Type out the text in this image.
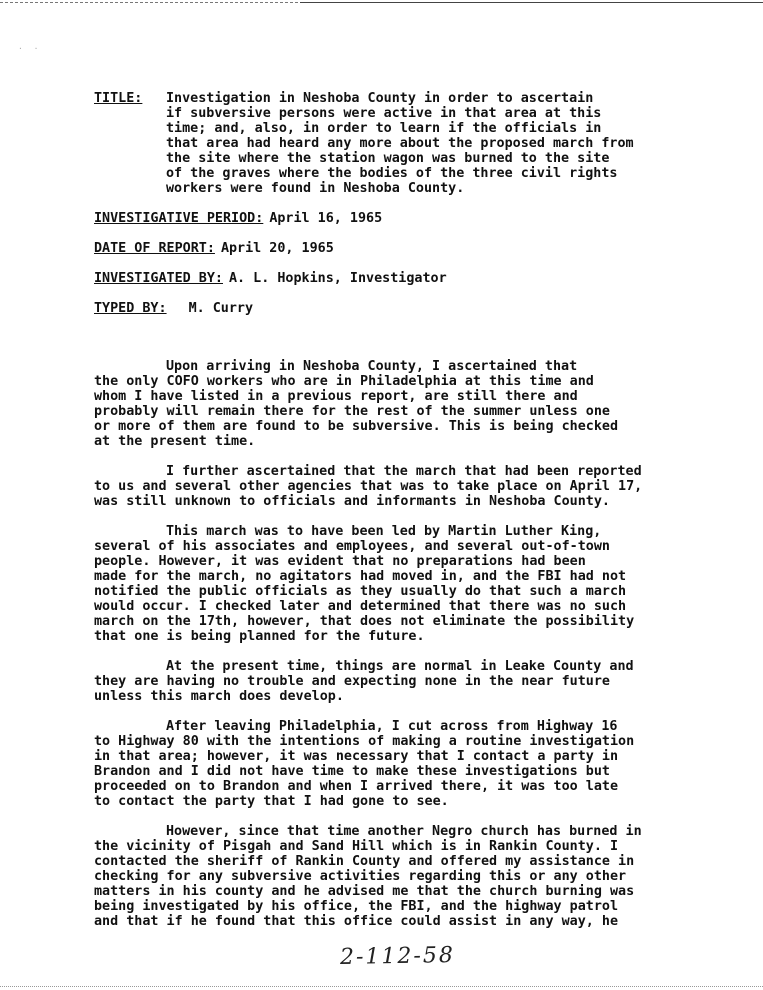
· ·
TITLE:	Investigation in Neshoba County in order to ascertain
if subversive persons were active in that area at this
time; and, also, in order to learn if the officials in
that area had heard any more about the proposed march from
the site where the station wagon was burned to the site
of the graves where the bodies of the three civil rights
workers were found in Neshoba County.
INVESTIGATIVE PERIOD: April 16, 1965
DATE OF REPORT: April 20, 1965
INVESTIGATED BY: A. L. Hopkins, Investigator
TYPED BY: M. Curry

Upon arriving in Neshoba County, I ascertained that
the only COFO workers who are in Philadelphia at this time and
whom I have listed in a previous report, are still there and
probably will remain there for the rest of the summer unless one
or more of them are found to be subversive. This is being checked
at the present time.

I further ascertained that the march that had been reported
to us and several other agencies that was to take place on April 17,
was still unknown to officials and informants in Neshoba County.

This march was to have been led by Martin Luther King,
several of his associates and employees, and several out-of-town
people. However, it was evident that no preparations had been
made for the march, no agitators had moved in, and the FBI had not
notified the public officials as they usually do that such a march
would occur. I checked later and determined that there was no such
march on the 17th, however, that does not eliminate the possibility
that one is being planned for the future.

At the present time, things are normal in Leake County and
they are having no trouble and expecting none in the near future
unless this march does develop.

After leaving Philadelphia, I cut across from Highway 16
to Highway 80 with the intentions of making a routine investigation
in that area; however, it was necessary that I contact a party in
Brandon and I did not have time to make these investigations but
proceeded on to Brandon and when I arrived there, it was too late
to contact the party that I had gone to see.

However, since that time another Negro church has burned in
the vicinity of Pisgah and Sand Hill which is in Rankin County. I
contacted the sheriff of Rankin County and offered my assistance in
checking for any subversive activities regarding this or any other
matters in his county and he advised me that the church burning was
being investigated by his office, the FBI, and the highway patrol
and that if he found that this office could assist in any way, he

2-112-58
